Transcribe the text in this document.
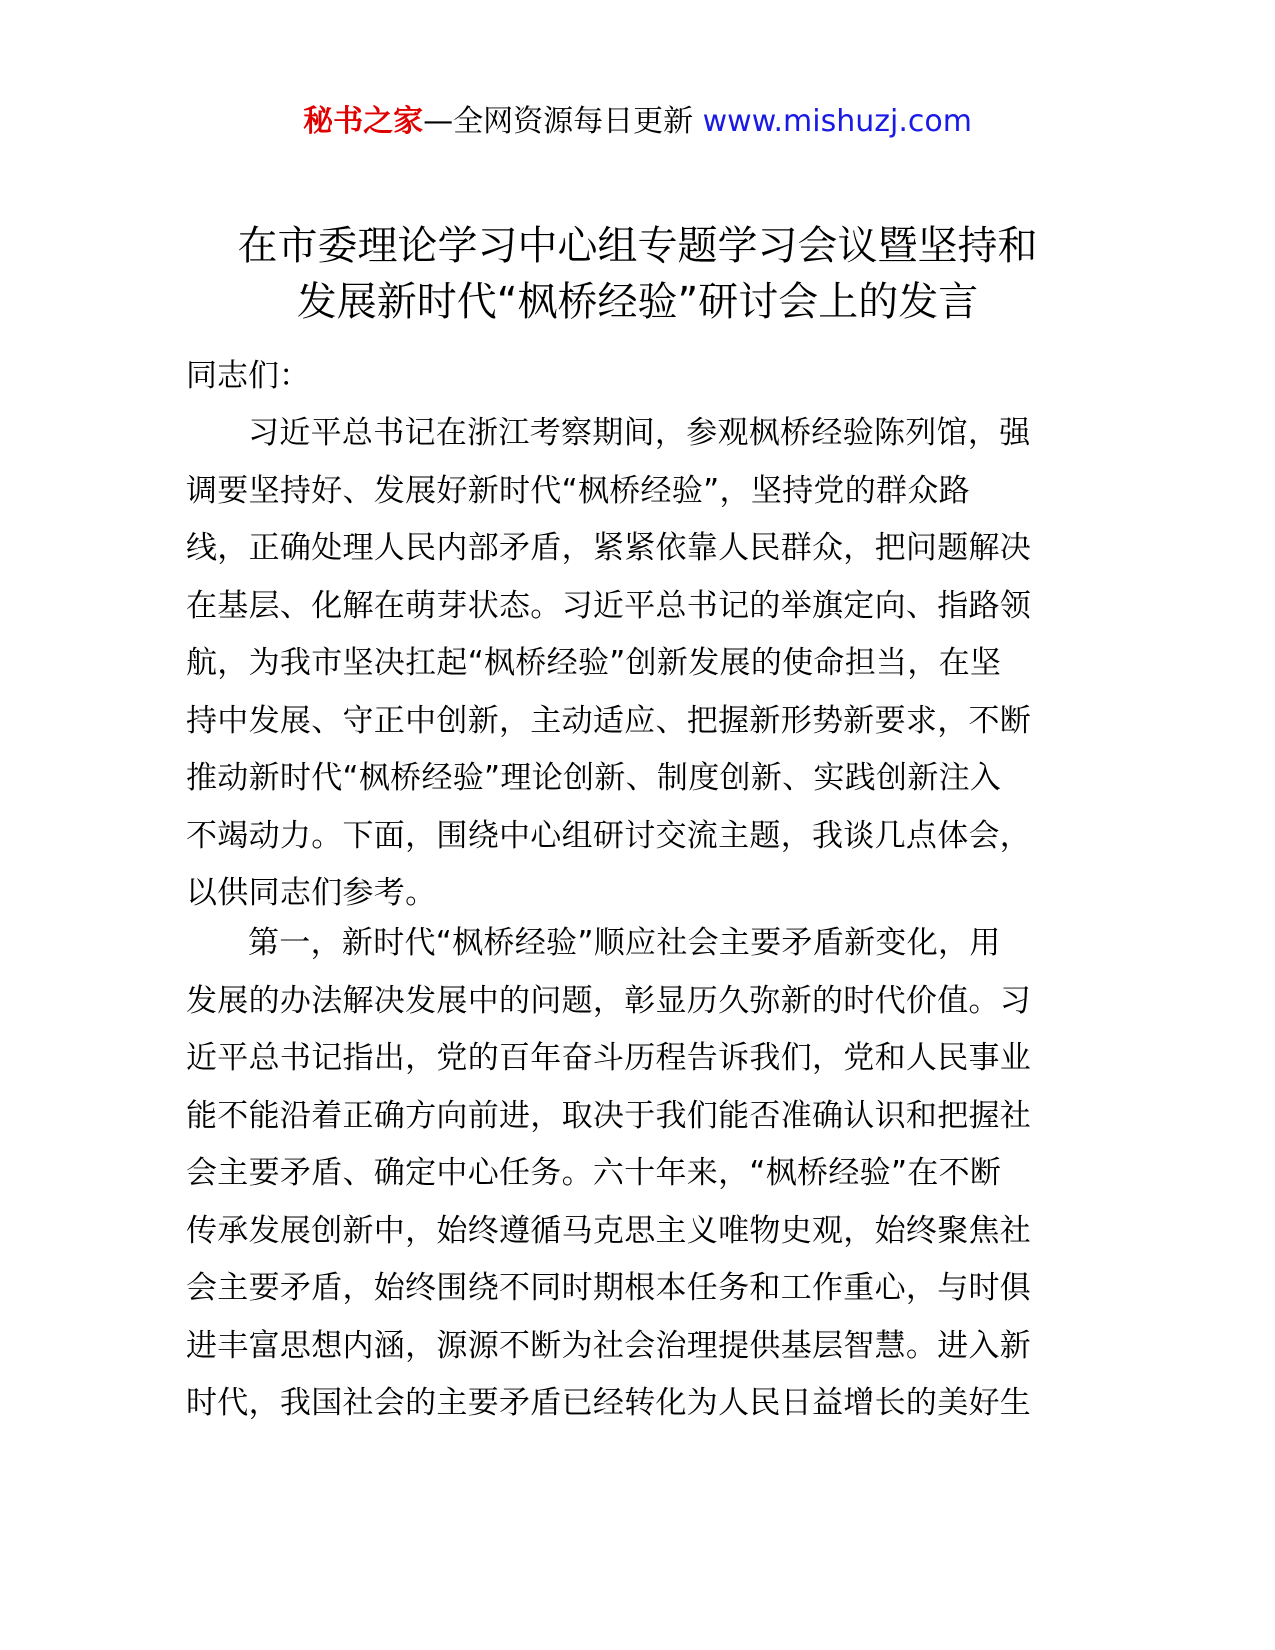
秘书之家—全网资源每日更新 www.mishuzj.com
在市委理论学习中心组专题学习会议暨坚持和
发展新时代“枫桥经验”研讨会上的发言
同志们：
习近平总书记在浙江考察期间，参观枫桥经验陈列馆，强
调要坚持好、发展好新时代“枫桥经验”，坚持党的群众路
线，正确处理人民内部矛盾，紧紧依靠人民群众，把问题解决
在基层、化解在萌芽状态。习近平总书记的举旗定向、指路领
航，为我市坚决扛起“枫桥经验”创新发展的使命担当，在坚
持中发展、守正中创新，主动适应、把握新形势新要求，不断
推动新时代“枫桥经验”理论创新、制度创新、实践创新注入
不竭动力。下面，围绕中心组研讨交流主题，我谈几点体会，
以供同志们参考。
第一，新时代“枫桥经验”顺应社会主要矛盾新变化，用
发展的办法解决发展中的问题，彰显历久弥新的时代价值。习
近平总书记指出，党的百年奋斗历程告诉我们，党和人民事业
能不能沿着正确方向前进，取决于我们能否准确认识和把握社
会主要矛盾、确定中心任务。六十年来，“枫桥经验”在不断
传承发展创新中，始终遵循马克思主义唯物史观，始终聚焦社
会主要矛盾，始终围绕不同时期根本任务和工作重心，与时俱
进丰富思想内涵，源源不断为社会治理提供基层智慧。进入新
时代，我国社会的主要矛盾已经转化为人民日益增长的美好生
